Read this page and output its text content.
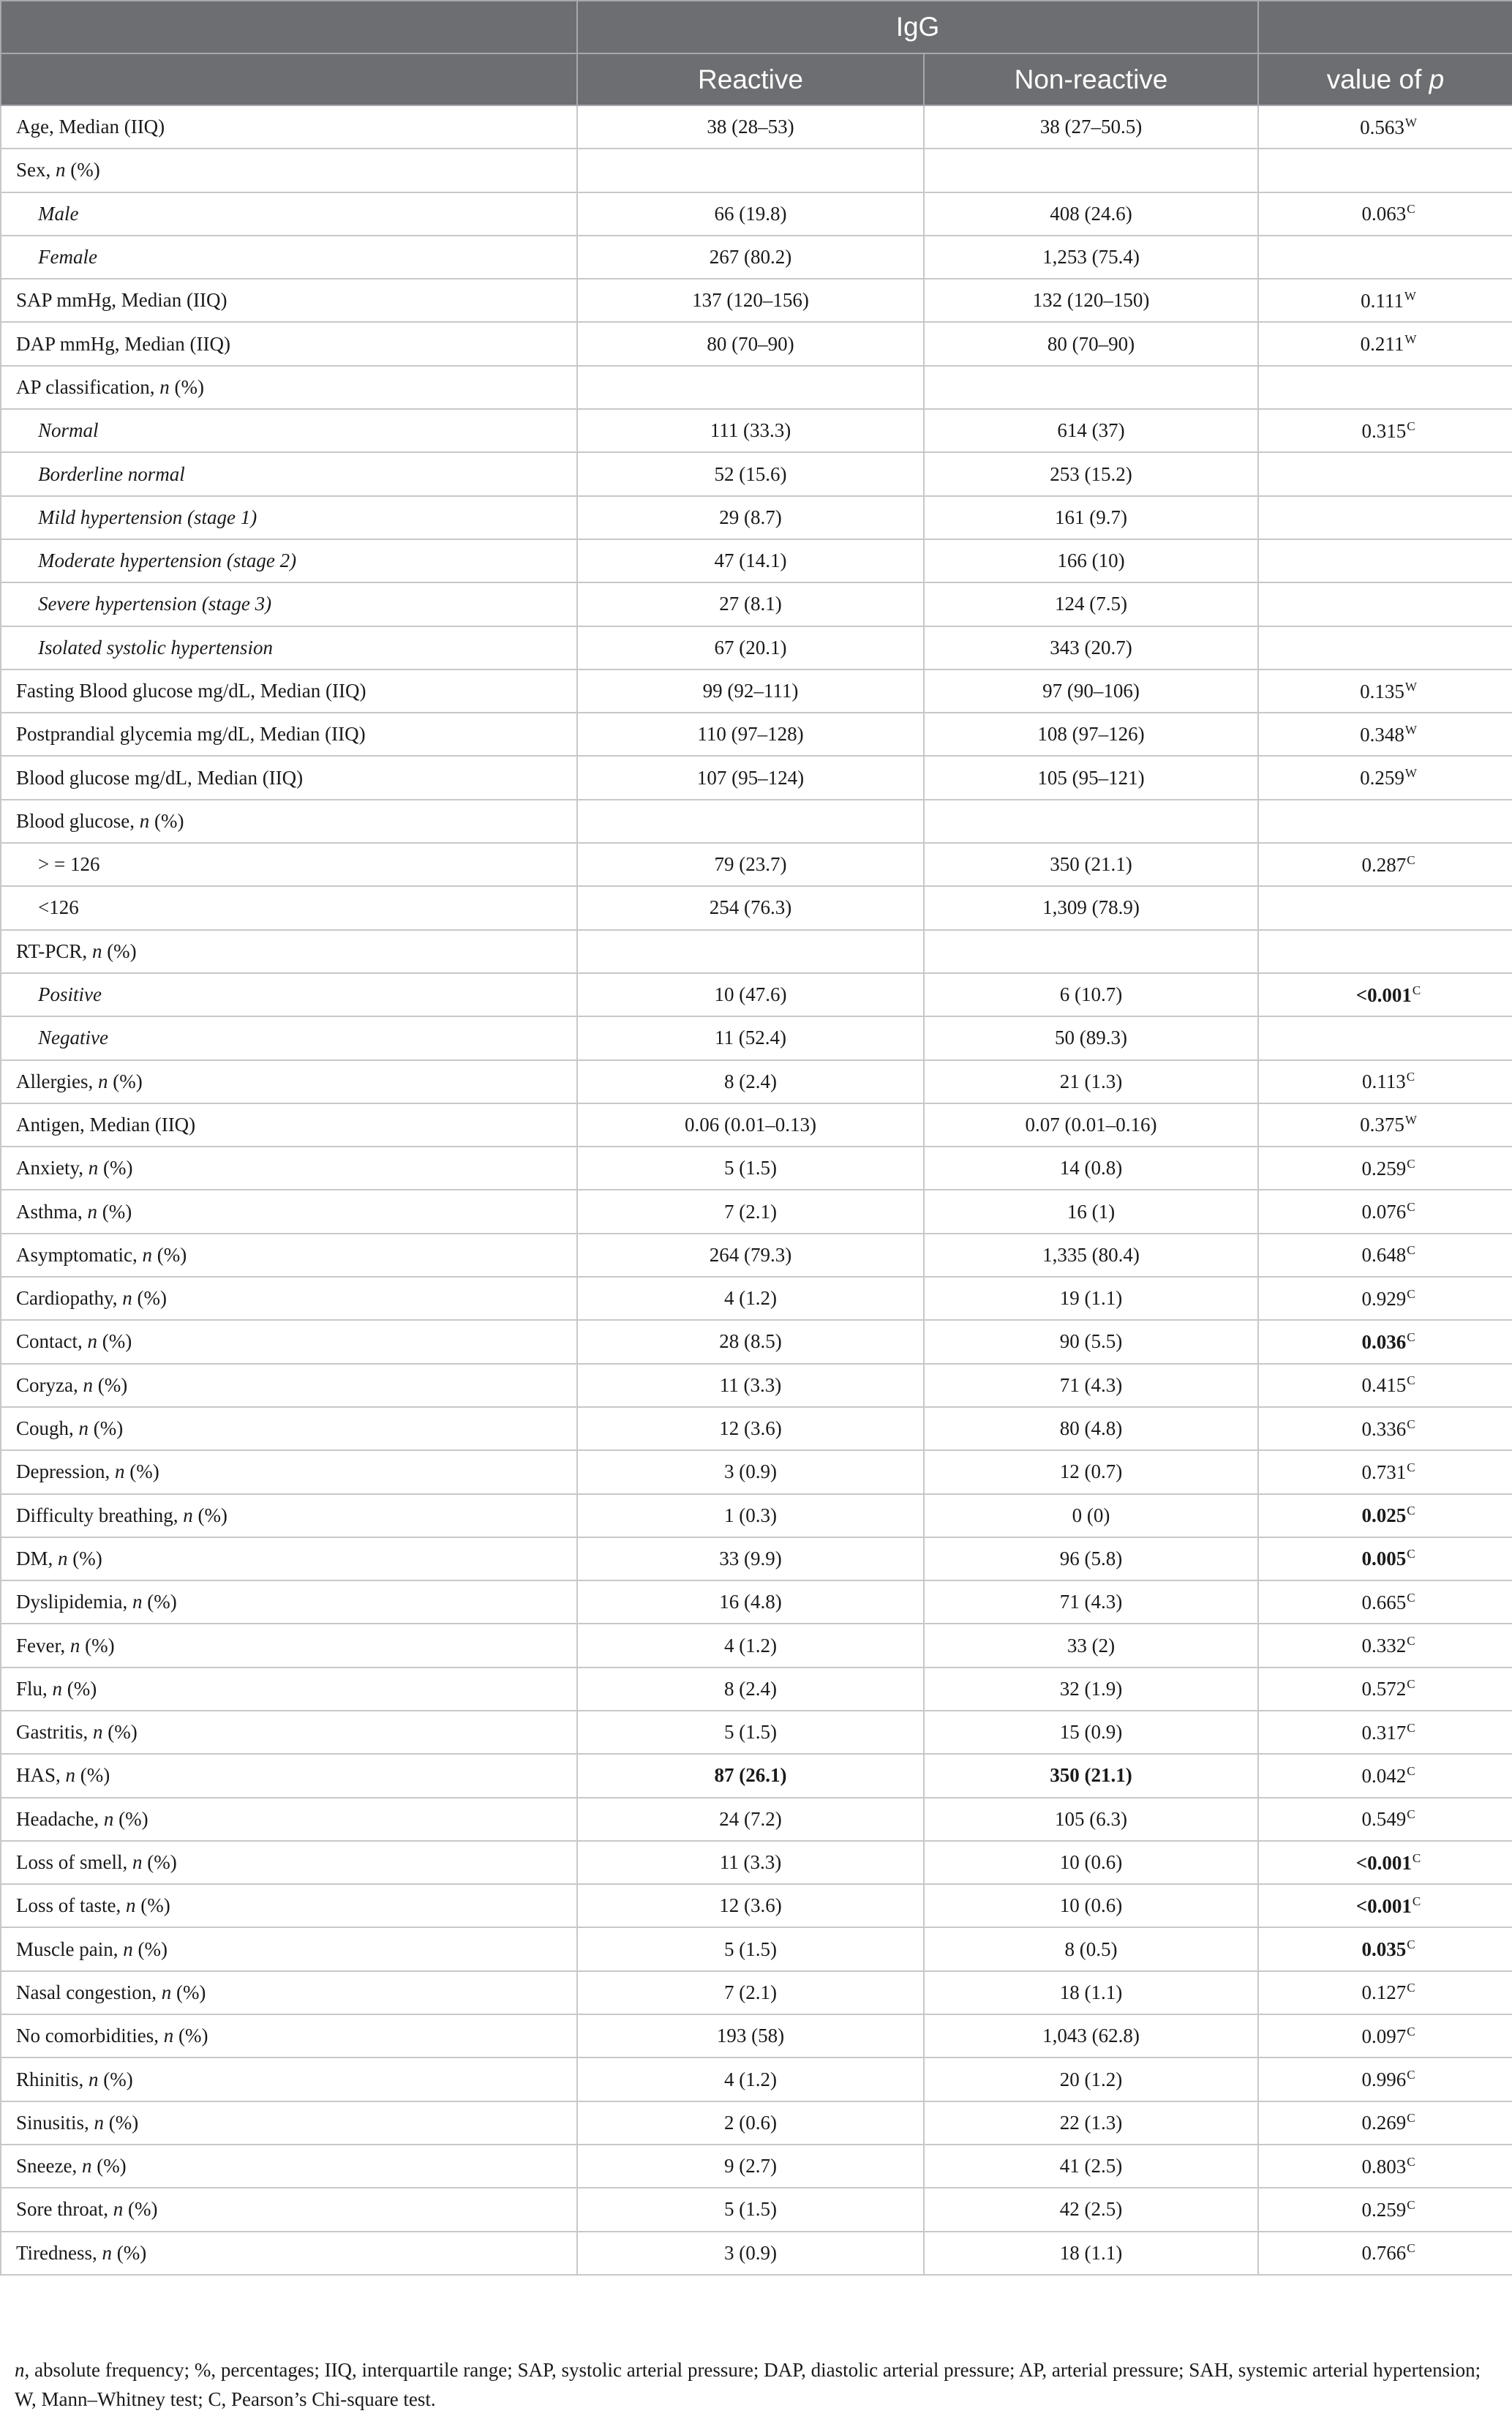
	IgG		
	Reactive	Non-reactive	value of p
Age, Median (IIQ)	38 (28–53)	38 (27–50.5)	$0.563^W$
Sex, n (%)			
Male	66 (19.8)	408 (24.6)	$0.063^C$
Female	267 (80.2)	1,253 (75.4)	
SAP mmHg, Median (IIQ)	137 (120–156)	132 (120–150)	$0.111^W$
DAP mmHg, Median (IIQ)	80 (70–90)	80 (70–90)	$0.211^W$
AP classification, n (%)			
Normal	111 (33.3)	614 (37)	$0.315^C$
Borderline normal	52 (15.6)	253 (15.2)	
Mild hypertension (stage 1)	29 (8.7)	161 (9.7)	
Moderate hypertension (stage 2)	47 (14.1)	166 (10)	
Severe hypertension (stage 3)	27 (8.1)	124 (7.5)	
Isolated systolic hypertension	67 (20.1)	343 (20.7)	
Fasting Blood glucose mg/dL, Median (IIQ)	99 (92–111)	97 (90–106)	$0.135^W$
Postprandial glycemia mg/dL, Median (IIQ)	110 (97–128)	108 (97–126)	$0.348^W$
Blood glucose mg/dL, Median (IIQ)	107 (95–124)	105 (95–121)	$0.259^W$
Blood glucose, n (%)			
> = 126	79 (23.7)	350 (21.1)	$0.287^C$
<126	254 (76.3)	1,309 (78.9)	
RT-PCR, n (%)			
Positive	10 (47.6)	6 (10.7)	$<0.001^C$
Negative	11 (52.4)	50 (89.3)	
Allergies, n (%)	8 (2.4)	21 (1.3)	$0.113^C$
Antigen, Median (IIQ)	0.06 (0.01–0.13)	0.07 (0.01–0.16)	$0.375^W$
Anxiety, n (%)	5 (1.5)	14 (0.8)	$0.259^C$
Asthma, n (%)	7 (2.1)	16 (1)	$0.076^C$
Asymptomatic, n (%)	264 (79.3)	1,335 (80.4)	$0.648^C$
Cardiopathy, n (%)	4 (1.2)	19 (1.1)	$0.929^C$
Contact, n (%)	28 (8.5)	90 (5.5)	$0.036^C$
Coryza, n (%)	11 (3.3)	71 (4.3)	$0.415^C$
Cough, n (%)	12 (3.6)	80 (4.8)	$0.336^C$
Depression, n (%)	3 (0.9)	12 (0.7)	$0.731^C$
Difficulty breathing, n (%)	1 (0.3)	0 (0)	$0.025^C$
DM, n (%)	33 (9.9)	96 (5.8)	$0.005^C$
Dyslipidemia, n (%)	16 (4.8)	71 (4.3)	$0.665^C$
Fever, n (%)	4 (1.2)	33 (2)	$0.332^C$
Flu, n (%)	8 (2.4)	32 (1.9)	$0.572^C$
Gastritis, n (%)	5 (1.5)	15 (0.9)	$0.317^C$
HAS, n (%)	87 (26.1)	350 (21.1)	$0.042^C$
Headache, n (%)	24 (7.2)	105 (6.3)	$0.549^C$
Loss of smell, n (%)	11 (3.3)	10 (0.6)	$<0.001^C$
Loss of taste, n (%)	12 (3.6)	10 (0.6)	$<0.001^C$
Muscle pain, n (%)	5 (1.5)	8 (0.5)	$0.035^C$
Nasal congestion, n (%)	7 (2.1)	18 (1.1)	$0.127^C$
No comorbidities, n (%)	193 (58)	1,043 (62.8)	$0.097^C$
Rhinitis, n (%)	4 (1.2)	20 (1.2)	$0.996^C$
Sinusitis, n (%)	2 (0.6)	22 (1.3)	$0.269^C$
Sneeze, n (%)	9 (2.7)	41 (2.5)	$0.803^C$
Sore throat, n (%)	5 (1.5)	42 (2.5)	$0.259^C$
Tiredness, n (%)	3 (0.9)	18 (1.1)	$0.766^C$
n, absolute frequency; %, percentages; IIQ, interquartile range; SAP, systolic arterial pressure; DAP, diastolic arterial pressure; AP, arterial pressure; SAH, systemic arterial hypertension; W, Mann–Whitney test; C, Pearson’s Chi-square test.
